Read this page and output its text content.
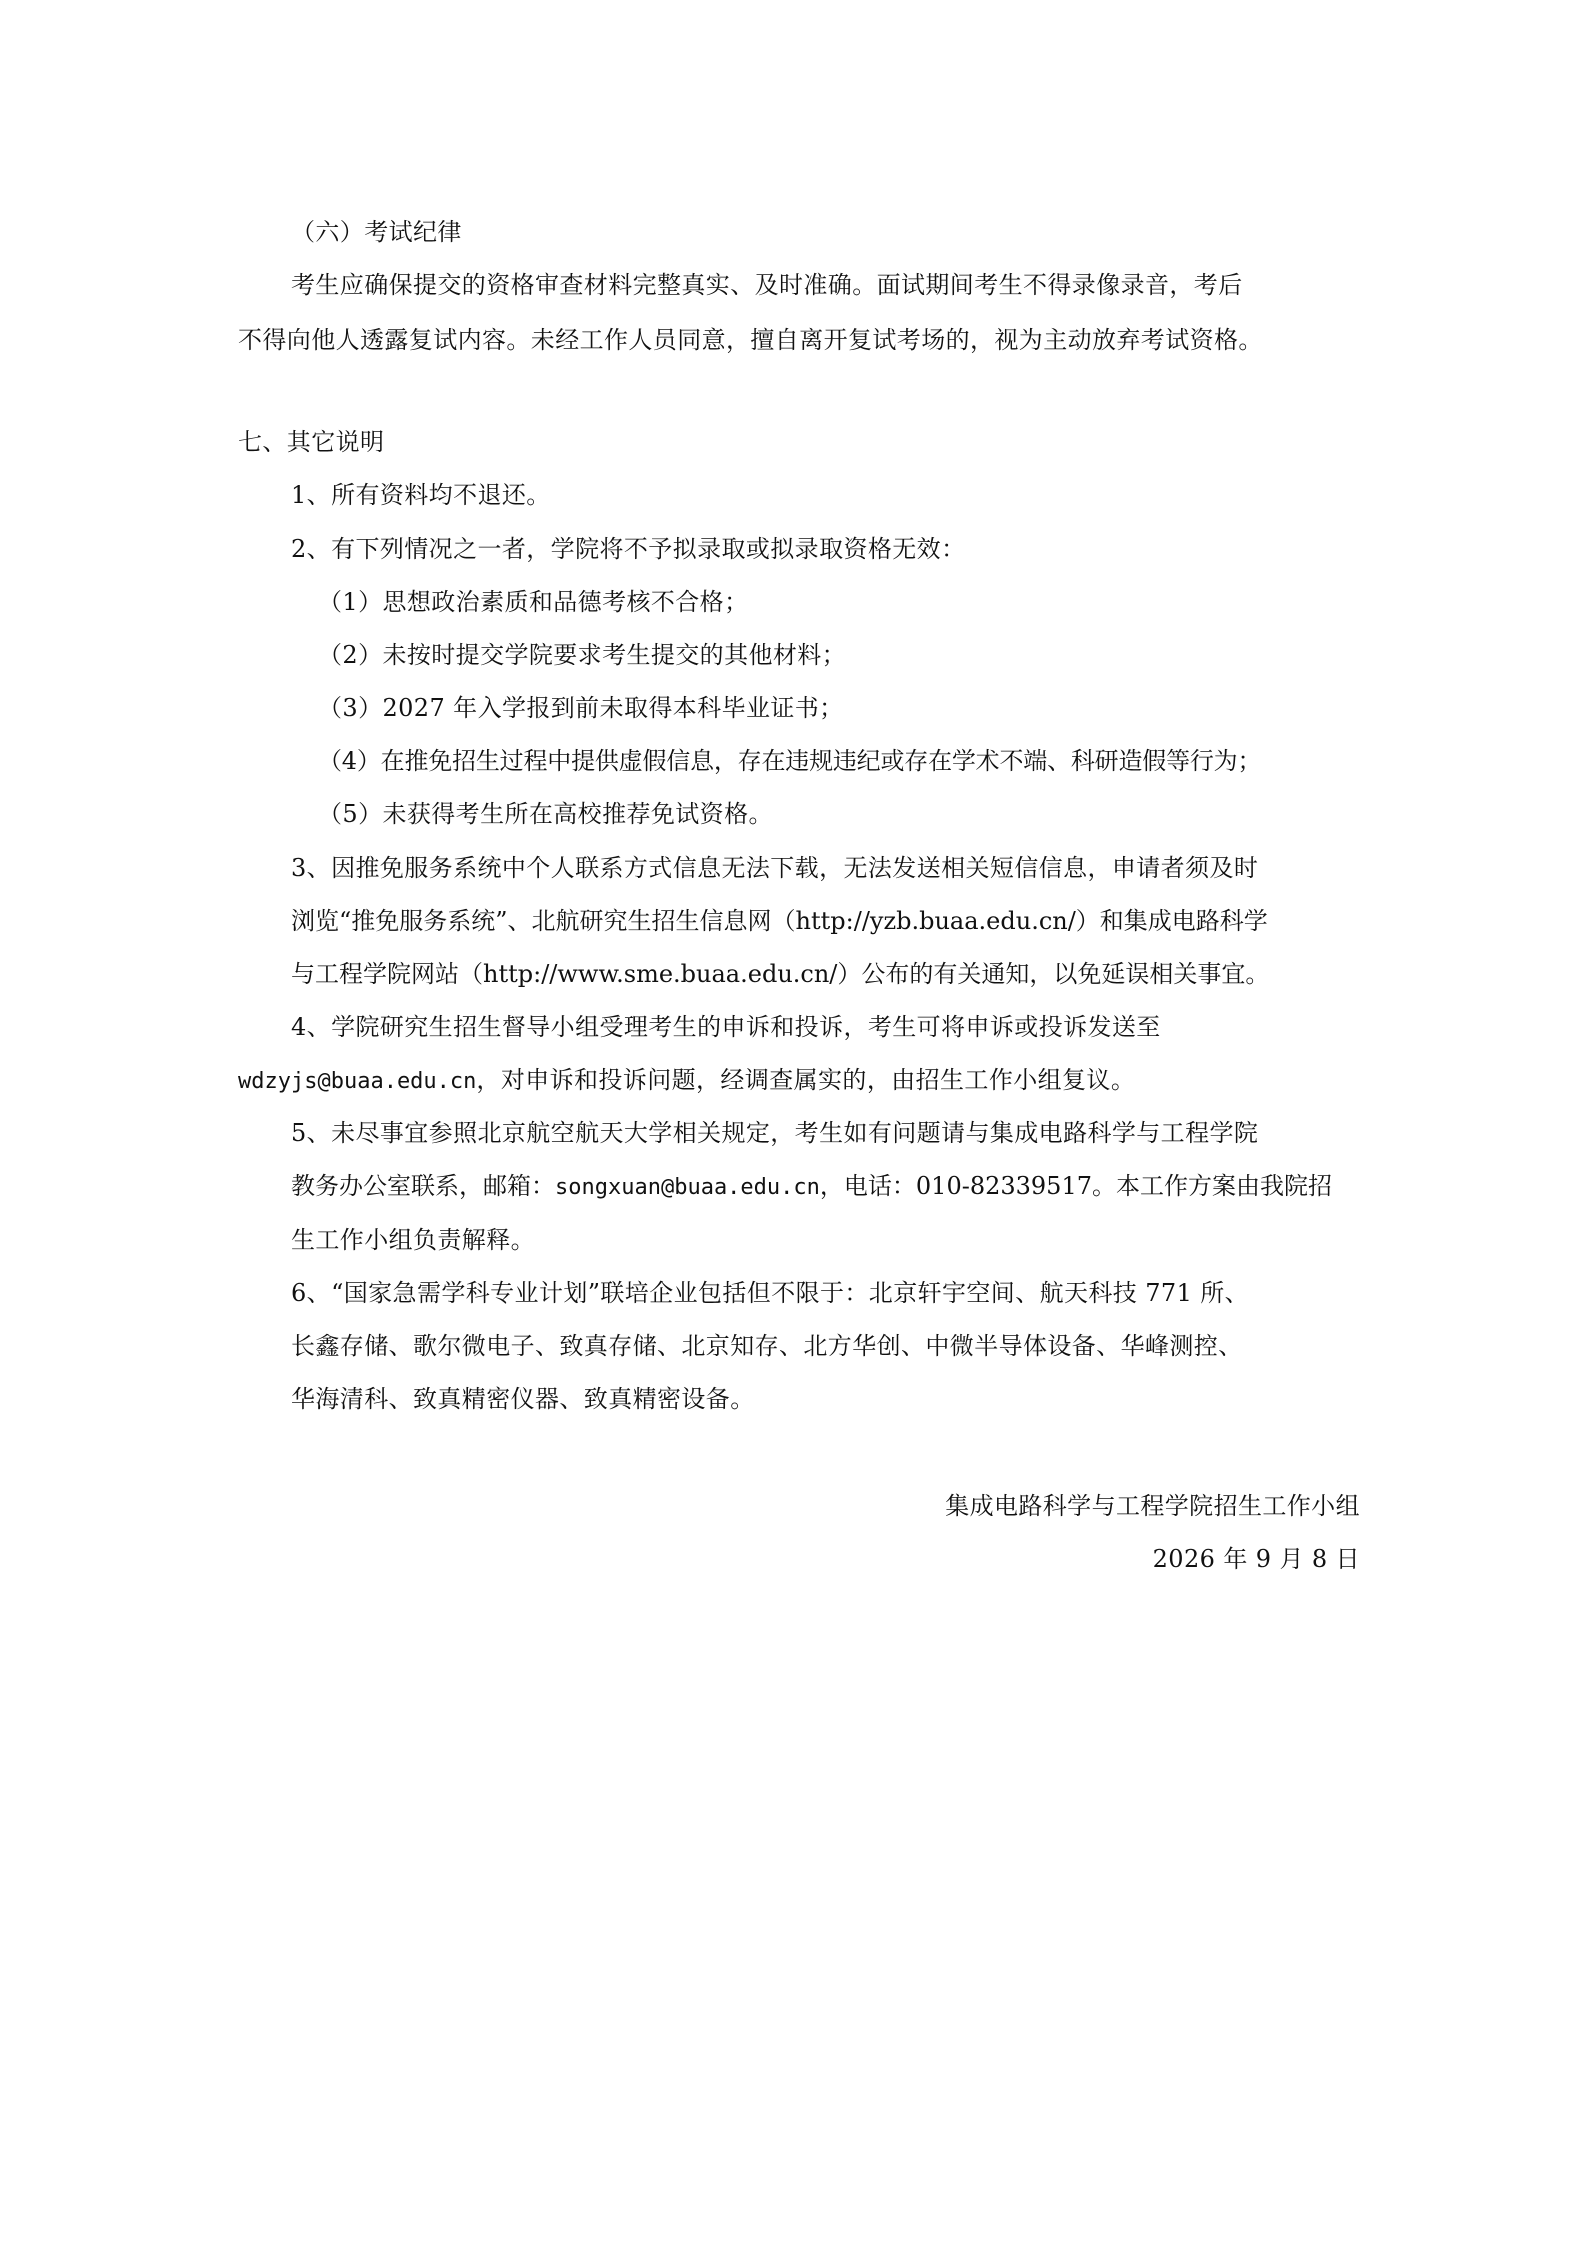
（六）考试纪律
考生应确保提交的资格审查材料完整真实、及时准确。面试期间考生不得录像录音，考后
不得向他人透露复试内容。未经工作人员同意，擅自离开复试考场的，视为主动放弃考试资格。
七、其它说明
1、所有资料均不退还。
2、有下列情况之一者，学院将不予拟录取或拟录取资格无效：
（1）思想政治素质和品德考核不合格；
（2）未按时提交学院要求考生提交的其他材料；
（3）2027 年入学报到前未取得本科毕业证书；
（4）在推免招生过程中提供虚假信息，存在违规违纪或存在学术不端、科研造假等行为；
（5）未获得考生所在高校推荐免试资格。
3、因推免服务系统中个人联系方式信息无法下载，无法发送相关短信信息，申请者须及时
浏览“推免服务系统”、北航研究生招生信息网（http://yzb.buaa.edu.cn/）和集成电路科学
与工程学院网站（http://www.sme.buaa.edu.cn/）公布的有关通知，以免延误相关事宜。
4、学院研究生招生督导小组受理考生的申诉和投诉，考生可将申诉或投诉发送至
wdzyjs@buaa.edu.cn，对申诉和投诉问题，经调查属实的，由招生工作小组复议。
5、未尽事宜参照北京航空航天大学相关规定，考生如有问题请与集成电路科学与工程学院
教务办公室联系，邮箱：songxuan@buaa.edu.cn，电话：010-82339517。本工作方案由我院招
生工作小组负责解释。
6、“国家急需学科专业计划”联培企业包括但不限于：北京轩宇空间、航天科技 771 所、
长鑫存储、歌尔微电子、致真存储、北京知存、北方华创、中微半导体设备、华峰测控、
华海清科、致真精密仪器、致真精密设备。
集成电路科学与工程学院招生工作小组
2026 年 9 月 8 日
